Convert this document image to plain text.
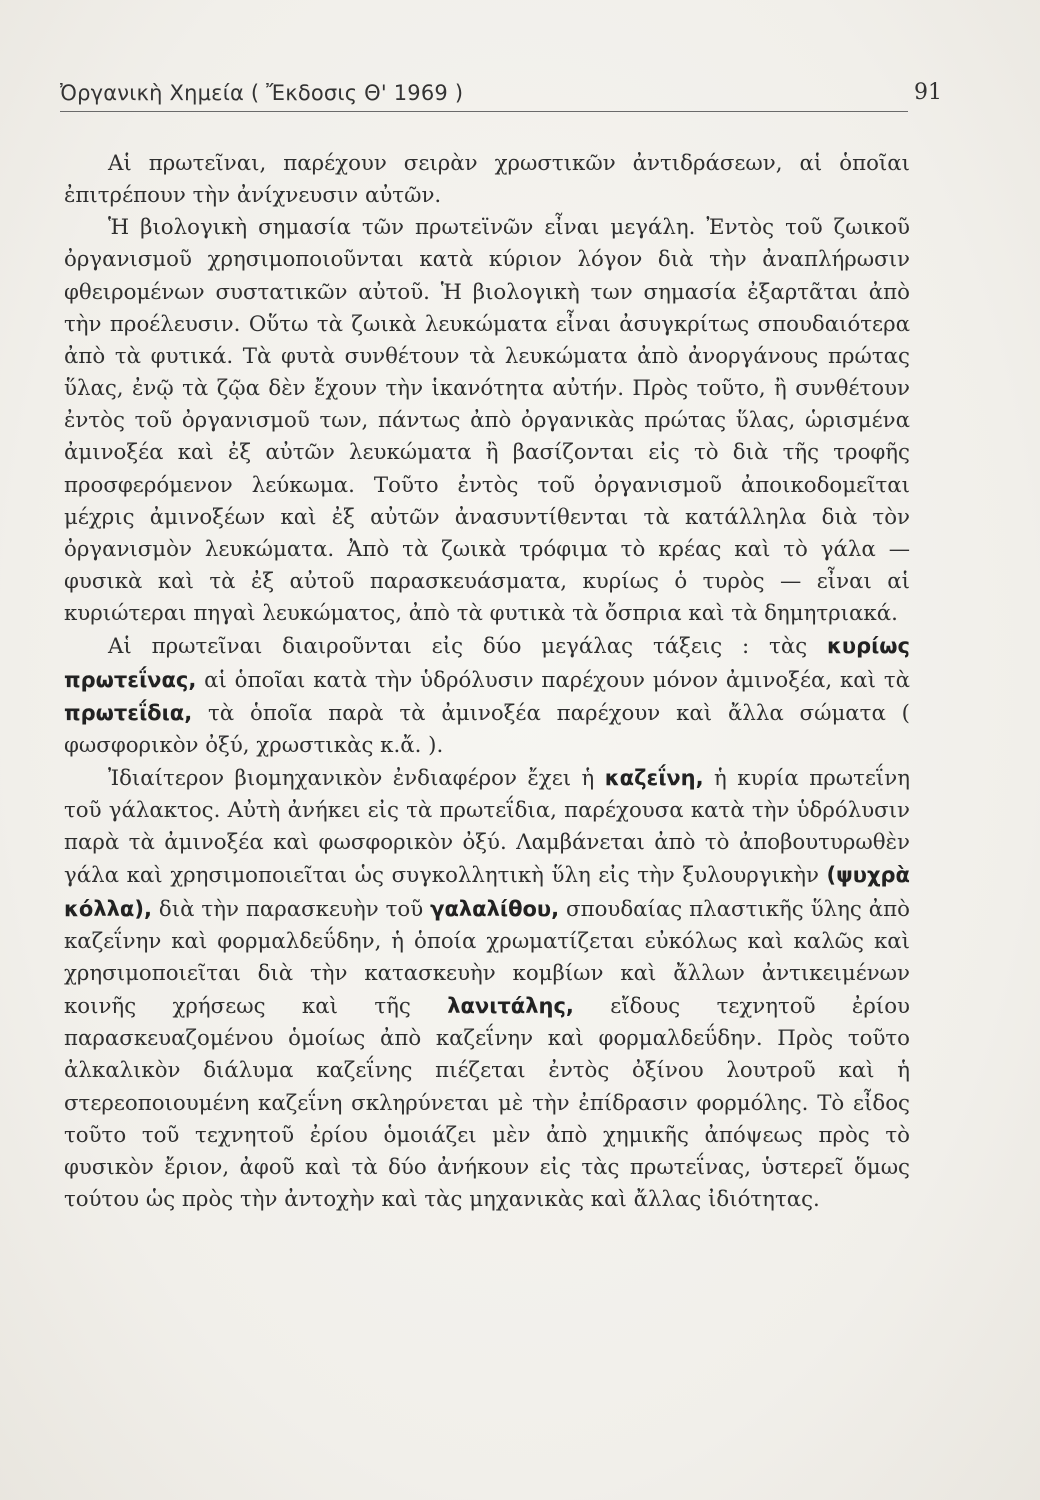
Ὀργανικὴ Χημεία ( Ἔκδοσις Θ' 1969 )	91

Αἱ πρωτεῖναι, παρέχουν σειρὰν χρωστικῶν ἀντιδράσεων, αἱ ὁποῖαι ἐπιτρέπουν τὴν ἀνίχνευσιν αὐτῶν.

Ἡ βιολογικὴ σημασία τῶν πρωτεϊνῶν εἶναι μεγάλη. Ἐντὸς τοῦ ζωικοῦ ὀργανισμοῦ χρησιμοποιοῦνται κατὰ κύριον λόγον διὰ τὴν ἀναπλήρωσιν φθειρομένων συστατικῶν αὐτοῦ. Ἡ βιολογικὴ των σημασία ἐξαρτᾶται ἀπὸ τὴν προέλευσιν. Οὕτω τὰ ζωικὰ λευκώματα εἶναι ἀσυγκρίτως σπουδαιότερα ἀπὸ τὰ φυτικά. Τὰ φυτὰ συνθέτουν τὰ λευκώματα ἀπὸ ἀνοργάνους πρώτας ὕλας, ἐνῷ τὰ ζῷα δὲν ἔχουν τὴν ἱκανότητα αὐτήν. Πρὸς τοῦτο, ἢ συνθέτουν ἐντὸς τοῦ ὀργανισμοῦ των, πάντως ἀπὸ ὀργανικὰς πρώτας ὕλας, ὡρισμένα ἀμινοξέα καὶ ἐξ αὐτῶν λευκώματα ἢ βασίζονται εἰς τὸ διὰ τῆς τροφῆς προσφερόμενον λεύκωμα. Τοῦτο ἐντὸς τοῦ ὀργανισμοῦ ἀποικοδομεῖται μέχρις ἀμινοξέων καὶ ἐξ αὐτῶν ἀνασυντίθενται τὰ κατάλληλα διὰ τὸν ὀργανισμὸν λευκώματα. Ἀπὸ τὰ ζωικὰ τρόφιμα τὸ κρέας καὶ τὸ γάλα — φυσικὰ καὶ τὰ ἐξ αὐτοῦ παρασκευάσματα, κυρίως ὁ τυρὸς — εἶναι αἱ κυριώτεραι πηγαὶ λευκώματος, ἀπὸ τὰ φυτικὰ τὰ ὄσπρια καὶ τὰ δημητριακά.

Αἱ πρωτεῖναι διαιροῦνται εἰς δύο μεγάλας τάξεις : τὰς κυρίως πρωτεΐνας, αἱ ὁποῖαι κατὰ τὴν ὑδρόλυσιν παρέχουν μόνον ἀμινοξέα, καὶ τὰ πρωτεΐδια, τὰ ὁποῖα παρὰ τὰ ἀμινοξέα παρέχουν καὶ ἄλλα σώματα ( φωσφορικὸν ὀξύ, χρωστικὰς κ.ἄ. ).

Ἰδιαίτερον βιομηχανικὸν ἐνδιαφέρον ἔχει ἡ καζεΐνη, ἡ κυρία πρωτεΐνη τοῦ γάλακτος. Αὐτὴ ἀνήκει εἰς τὰ πρωτεΐδια, παρέχουσα κατὰ τὴν ὑδρόλυσιν παρὰ τὰ ἀμινοξέα καὶ φωσφορικὸν ὀξύ. Λαμβάνεται ἀπὸ τὸ ἀποβουτυρωθὲν γάλα καὶ χρησιμοποιεῖται ὡς συγκολλητικὴ ὕλη εἰς τὴν ξυλουργικὴν (ψυχρὰ κόλλα), διὰ τὴν παρασκευὴν τοῦ γαλαλίθου, σπουδαίας πλαστικῆς ὕλης ἀπὸ καζεΐνην καὶ φορμαλδεΰδην, ἡ ὁποία χρωματίζεται εὐκόλως καὶ καλῶς καὶ χρησιμοποιεῖται διὰ τὴν κατασκευὴν κομβίων καὶ ἄλλων ἀντικειμένων κοινῆς χρήσεως καὶ τῆς λανιτάλης, εἴδους τεχνητοῦ ἐρίου παρασκευαζομένου ὁμοίως ἀπὸ καζεΐνην καὶ φορμαλδεΰδην. Πρὸς τοῦτο ἀλκαλικὸν διάλυμα καζεΐνης πιέζεται ἐντὸς ὀξίνου λουτροῦ καὶ ἡ στερεοποιουμένη καζεΐνη σκληρύνεται μὲ τὴν ἐπίδρασιν φορμόλης. Τὸ εἶδος τοῦτο τοῦ τεχνητοῦ ἐρίου ὁμοιάζει μὲν ἀπὸ χημικῆς ἀπόψεως πρὸς τὸ φυσικὸν ἔριον, ἀφοῦ καὶ τὰ δύο ἀνήκουν εἰς τὰς πρωτεΐνας, ὑστερεῖ ὅμως τούτου ὡς πρὸς τὴν ἀντοχὴν καὶ τὰς μηχανικὰς καὶ ἄλλας ἰδιότητας.
